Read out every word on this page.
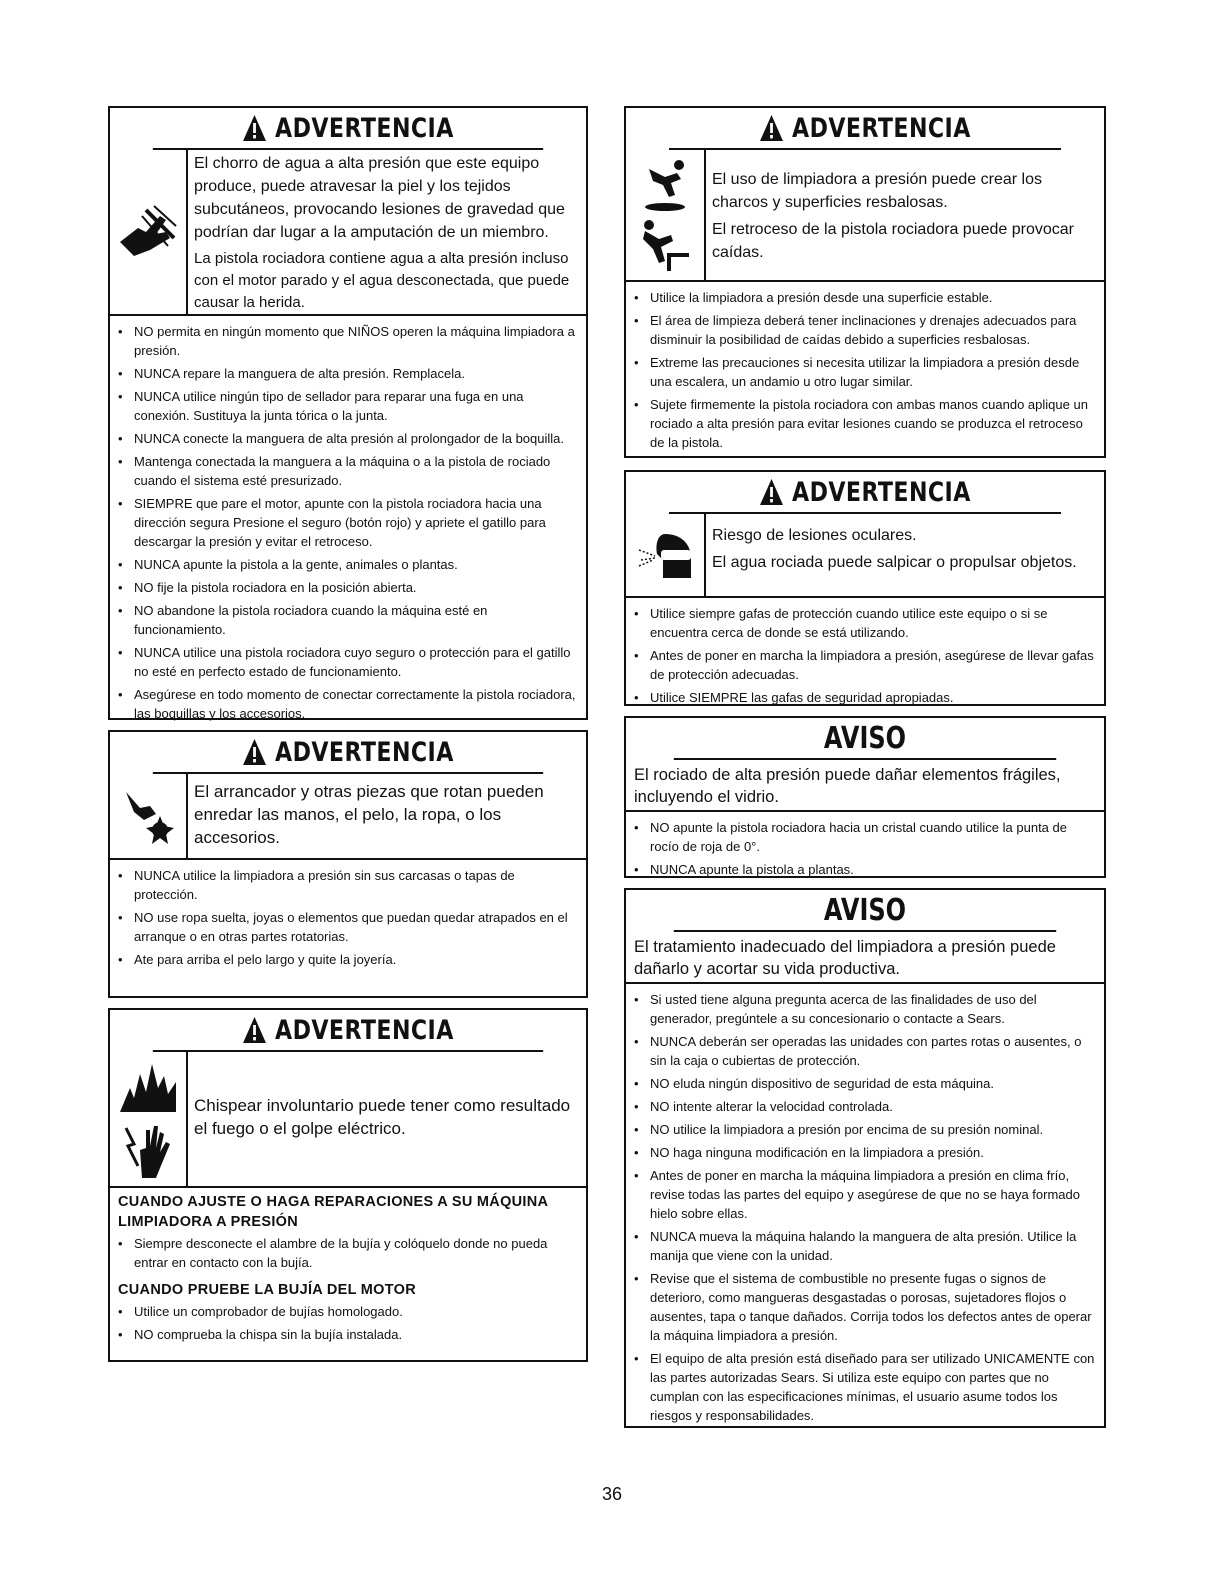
ADVERTENCIA

El chorro de agua a alta presión que este equipo produce, puede atravesar la piel y los tejidos subcutáneos, provocando lesiones de gravedad que podrían dar lugar a la amputación de un miembro.

La pistola rociadora contiene agua a alta presión incluso con el motor parado y el agua desconectada, que puede causar la herida.

• NO permita en ningún momento que NIÑOS operen la máquina limpiadora a presión.
• NUNCA repare la manguera de alta presión. Remplacela.
• NUNCA utilice ningún tipo de sellador para reparar una fuga en una conexión. Sustituya la junta tórica o la junta.
• NUNCA conecte la manguera de alta presión al prolongador de la boquilla.
• Mantenga conectada la manguera a la máquina o a la pistola de rociado cuando el sistema esté presurizado.
• SIEMPRE que pare el motor, apunte con la pistola rociadora hacia una dirección segura Presione el seguro (botón rojo) y apriete el gatillo para descargar la presión y evitar el retroceso.
• NUNCA apunte la pistola a la gente, animales o plantas.
• NO fije la pistola rociadora en la posición abierta.
• NO abandone la pistola rociadora cuando la máquina esté en funcionamiento.
• NUNCA utilice una pistola rociadora cuyo seguro o protección para el gatillo no esté en perfecto estado de funcionamiento.
• Asegúrese en todo momento de conectar correctamente la pistola rociadora, las boquillas y los accesorios.
ADVERTENCIA

El arrancador y otras piezas que rotan pueden enredar las manos, el pelo, la ropa, o los accesorios.

• NUNCA utilice la limpiadora a presión sin sus carcasas o tapas de protección.
• NO use ropa suelta, joyas o elementos que puedan quedar atrapados en el arranque o en otras partes rotatorias.
• Ate para arriba el pelo largo y quite la joyería.
ADVERTENCIA

Chispear involuntario puede tener como resultado el fuego o el golpe eléctrico.

CUANDO AJUSTE O HAGA REPARACIONES A SU MÁQUINA LIMPIADORA A PRESIÓN
• Siempre desconecte el alambre de la bujía y colóquelo donde no pueda entrar en contacto con la bujía.
CUANDO PRUEBE LA BUJÍA DEL MOTOR
• Utilice un comprobador de bujías homologado.
• NO comprueba la chispa sin la bujía instalada.
ADVERTENCIA

El uso de limpiadora a presión puede crear los charcos y superficies resbalosas.

El retroceso de la pistola rociadora puede provocar caídas.

• Utilice la limpiadora a presión desde una superficie estable.
• El área de limpieza deberá tener inclinaciones y drenajes adecuados para disminuir la posibilidad de caídas debido a superficies resbalosas.
• Extreme las precauciones si necesita utilizar la limpiadora a presión desde una escalera, un andamio u otro lugar similar.
• Sujete firmemente la pistola rociadora con ambas manos cuando aplique un rociado a alta presión para evitar lesiones cuando se produzca el retroceso de la pistola.
ADVERTENCIA

Riesgo de lesiones oculares.

El agua rociada puede salpicar o propulsar objetos.

• Utilice siempre gafas de protección cuando utilice este equipo o si se encuentra cerca de donde se está utilizando.
• Antes de poner en marcha la limpiadora a presión, asegúrese de llevar gafas de protección adecuadas.
• Utilice SIEMPRE las gafas de seguridad apropiadas.
AVISO
El rociado de alta presión puede dañar elementos frágiles, incluyendo el vidrio.
• NO apunte la pistola rociadora hacia un cristal cuando utilice la punta de rocío de roja de 0°.
• NUNCA apunte la pistola a plantas.
AVISO
El tratamiento inadecuado del limpiadora a presión puede dañarlo y acortar su vida productiva.
• Si usted tiene alguna pregunta acerca de las finalidades de uso del generador, pregúntele a su concesionario o contacte a Sears.
• NUNCA deberán ser operadas las unidades con partes rotas o ausentes, o sin la caja o cubiertas de protección.
• NO eluda ningún dispositivo de seguridad de esta máquina.
• NO intente alterar la velocidad controlada.
• NO utilice la limpiadora a presión por encima de su presión nominal.
• NO haga ninguna modificación en la limpiadora a presión.
• Antes de poner en marcha la máquina limpiadora a presión en clima frío, revise todas las partes del equipo y asegúrese de que no se haya formado hielo sobre ellas.
• NUNCA mueva la máquina halando la manguera de alta presión. Utilice la manija que viene con la unidad.
• Revise que el sistema de combustible no presente fugas o signos de deterioro, como mangueras desgastadas o porosas, sujetadores flojos o ausentes, tapa o tanque dañados. Corrija todos los defectos antes de operar la máquina limpiadora a presión.
• El equipo de alta presión está diseñado para ser utilizado UNICAMENTE con las partes autorizadas Sears. Si utiliza este equipo con partes que no cumplan con las especificaciones mínimas, el usuario asume todos los riesgos y responsabilidades.
36
